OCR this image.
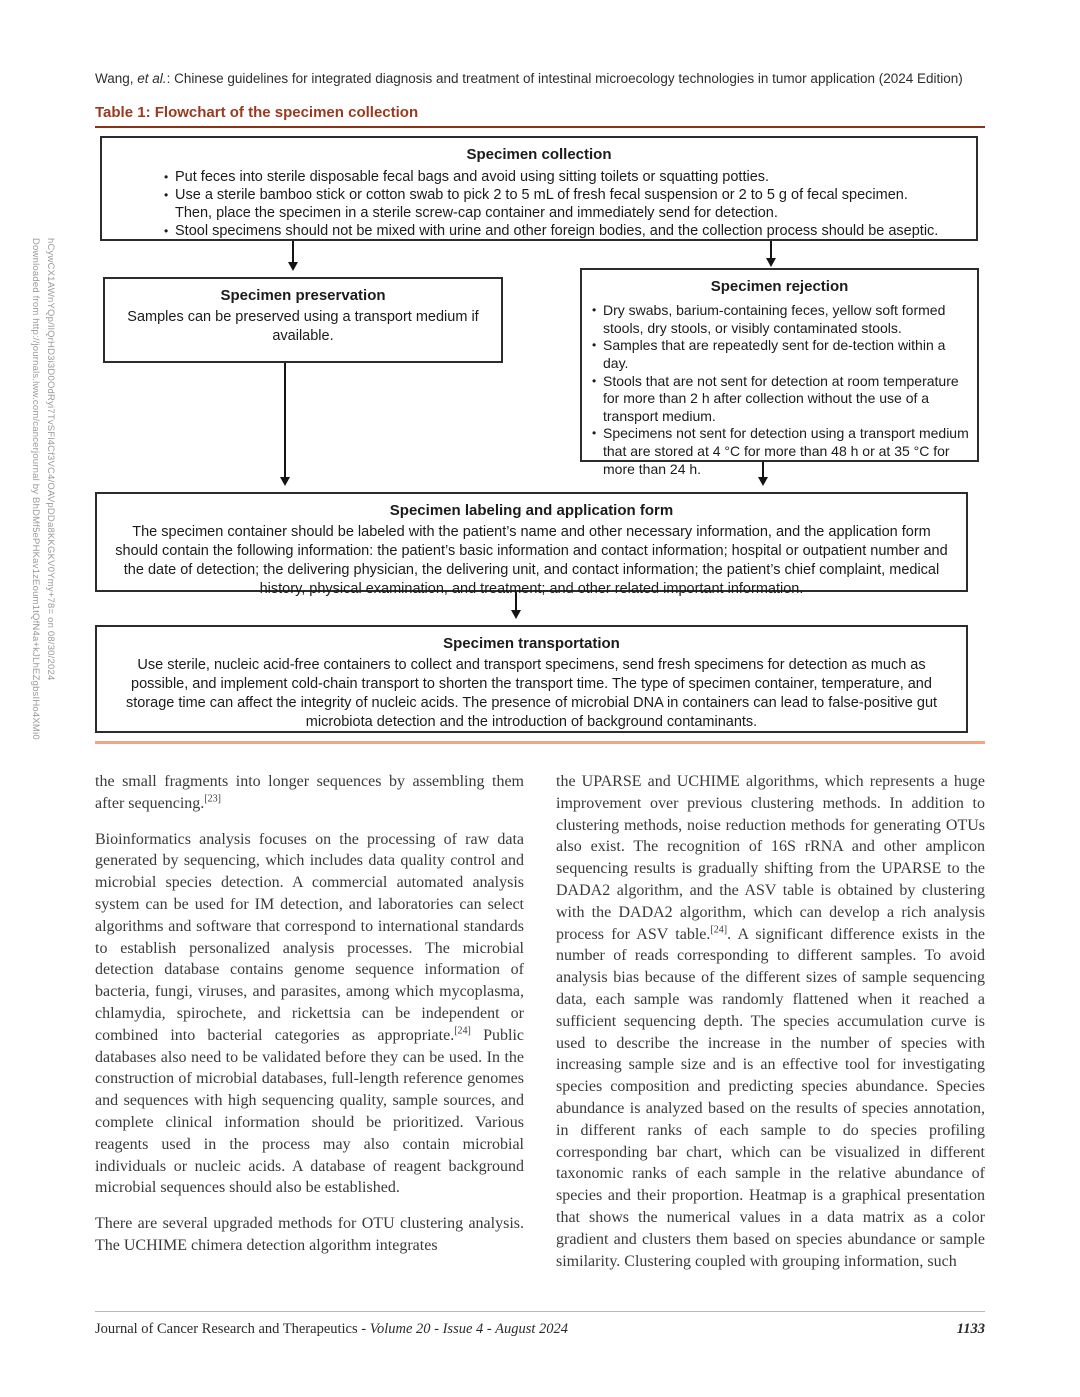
Downloaded from http://journals.lww.com/cancerjournal by BhDMf5ePHKav1zEoum1tQfN4a+kJLhEZgbsIHo4XMi0 hCywCX1AWnYQp/IlQrHD3i3D0OdRyi7TvSFl4Cf3VC4/OAVpDDa8KKGKV0Ymy+78= on 08/30/2024
Wang, et al.: Chinese guidelines for integrated diagnosis and treatment of intestinal microecology technologies in tumor application (2024 Edition)
Table 1: Flowchart of the specimen collection
Specimen collection
• Put feces into sterile disposable fecal bags and avoid using sitting toilets or squatting potties.
• Use a sterile bamboo stick or cotton swab to pick 2 to 5 mL of fresh fecal suspension or 2 to 5 g of fecal specimen. Then, place the specimen in a sterile screw-cap container and immediately send for detection.
• Stool specimens should not be mixed with urine and other foreign bodies, and the collection process should be aseptic.
Specimen preservation
Samples can be preserved using a transport medium if available.
Specimen rejection
• Dry swabs, barium-containing feces, yellow soft formed stools, dry stools, or visibly contaminated stools.
• Samples that are repeatedly sent for de-tection within a day.
• Stools that are not sent for detection at room temperature for more than 2 h after collection without the use of a transport medium.
• Specimens not sent for detection using a transport medium that are stored at 4 °C for more than 48 h or at 35 °C for more than 24 h.
Specimen labeling and application form
The specimen container should be labeled with the patient’s name and other necessary information, and the application form should contain the following information: the patient’s basic information and contact information; hospital or outpatient number and the date of detection; the delivering physician, the delivering unit, and contact information; the patient’s chief complaint, medical history, physical examination, and treatment; and other related important information.
Specimen transportation
Use sterile, nucleic acid-free containers to collect and transport specimens, send fresh specimens for detection as much as possible, and implement cold-chain transport to shorten the transport time. The type of specimen container, temperature, and storage time can affect the integrity of nucleic acids. The presence of microbial DNA in containers can lead to false-positive gut microbiota detection and the introduction of background contaminants.

the small fragments into longer sequences by assembling them after sequencing.[23]

Bioinformatics analysis focuses on the processing of raw data generated by sequencing, which includes data quality control and microbial species detection. A commercial automated analysis system can be used for IM detection, and laboratories can select algorithms and software that correspond to international standards to establish personalized analysis processes. The microbial detection database contains genome sequence information of bacteria, fungi, viruses, and parasites, among which mycoplasma, chlamydia, spirochete, and rickettsia can be independent or combined into bacterial categories as appropriate.[24] Public databases also need to be validated before they can be used. In the construction of microbial databases, full-length reference genomes and sequences with high sequencing quality, sample sources, and complete clinical information should be prioritized. Various reagents used in the process may also contain microbial individuals or nucleic acids. A database of reagent background microbial sequences should also be established.

There are several upgraded methods for OTU clustering analysis. The UCHIME chimera detection algorithm integrates

the UPARSE and UCHIME algorithms, which represents a huge improvement over previous clustering methods. In addition to clustering methods, noise reduction methods for generating OTUs also exist. The recognition of 16S rRNA and other amplicon sequencing results is gradually shifting from the UPARSE to the DADA2 algorithm, and the ASV table is obtained by clustering with the DADA2 algorithm, which can develop a rich analysis process for ASV table.[24]. A significant difference exists in the number of reads corresponding to different samples. To avoid analysis bias because of the different sizes of sample sequencing data, each sample was randomly flattened when it reached a sufficient sequencing depth. The species accumulation curve is used to describe the increase in the number of species with increasing sample size and is an effective tool for investigating species composition and predicting species abundance. Species abundance is analyzed based on the results of species annotation, in different ranks of each sample to do species profiling corresponding bar chart, which can be visualized in different taxonomic ranks of each sample in the relative abundance of species and their proportion. Heatmap is a graphical presentation that shows the numerical values in a data matrix as a color gradient and clusters them based on species abundance or sample similarity. Clustering coupled with grouping information, such

Journal of Cancer Research and Therapeutics - Volume 20 - Issue 4 - August 2024	1133
